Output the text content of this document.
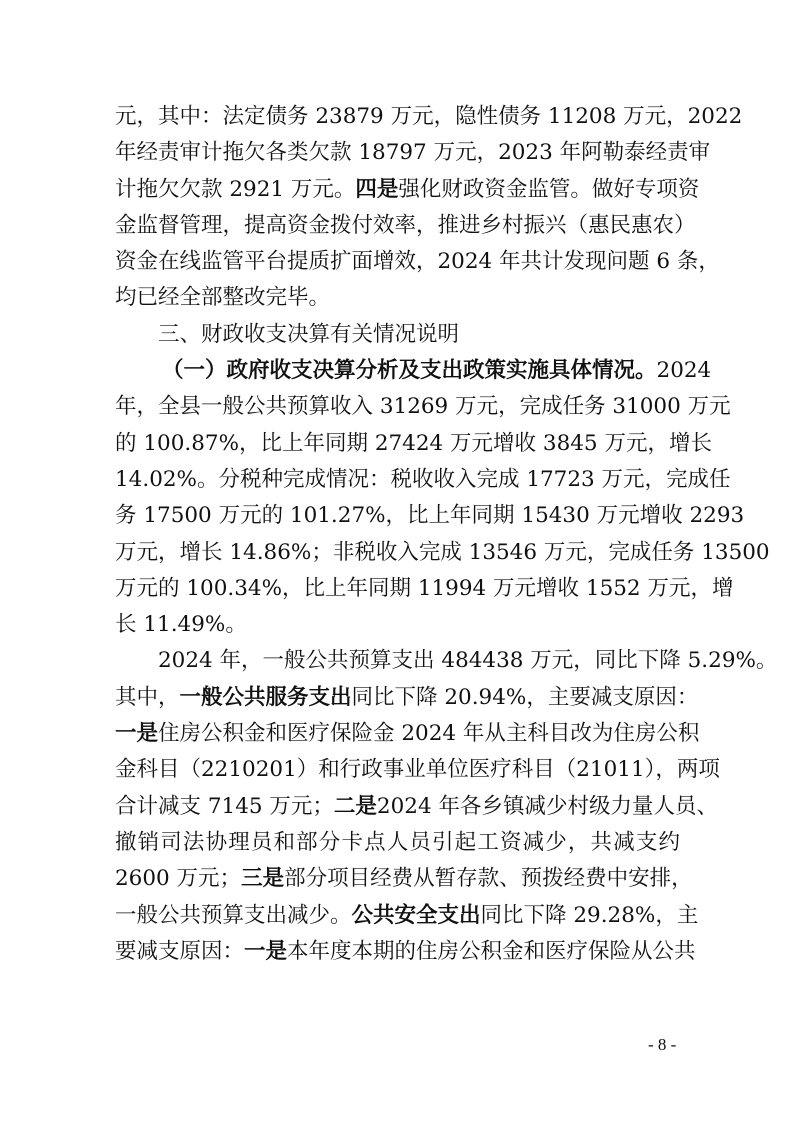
元，其中：法定债务 23879 万元，隐性债务 11208 万元，2022
年经责审计拖欠各类欠款 18797 万元，2023 年阿勒泰经责审
计拖欠欠款 2921 万元。四是强化财政资金监管。做好专项资
金监督管理，提高资金拨付效率，推进乡村振兴（惠民惠农）
资金在线监管平台提质扩面增效，2024 年共计发现问题 6 条，
均已经全部整改完毕。
三、财政收支决算有关情况说明
（一）政府收支决算分析及支出政策实施具体情况。2024
年，全县一般公共预算收入 31269 万元，完成任务 31000 万元
的 100.87%，比上年同期 27424 万元增收 3845 万元，增长
14.02%。分税种完成情况：税收收入完成 17723 万元，完成任
务 17500 万元的 101.27%，比上年同期 15430 万元增收 2293
万元，增长 14.86%；非税收入完成 13546 万元，完成任务 13500
万元的 100.34%，比上年同期 11994 万元增收 1552 万元，增
长 11.49%。
2024 年，一般公共预算支出 484438 万元，同比下降 5.29%。
其中，一般公共服务支出同比下降 20.94%，主要减支原因：
一是住房公积金和医疗保险金 2024 年从主科目改为住房公积
金科目（2210201）和行政事业单位医疗科目（21011），两项
合计减支 7145 万元；二是2024 年各乡镇减少村级力量人员、
撤销司法协理员和部分卡点人员引起工资减少，共减支约
2600 万元；三是部分项目经费从暂存款、预拨经费中安排，
一般公共预算支出减少。公共安全支出同比下降 29.28%，主
要减支原因：一是本年度本期的住房公积金和医疗保险从公共
- 8 -
